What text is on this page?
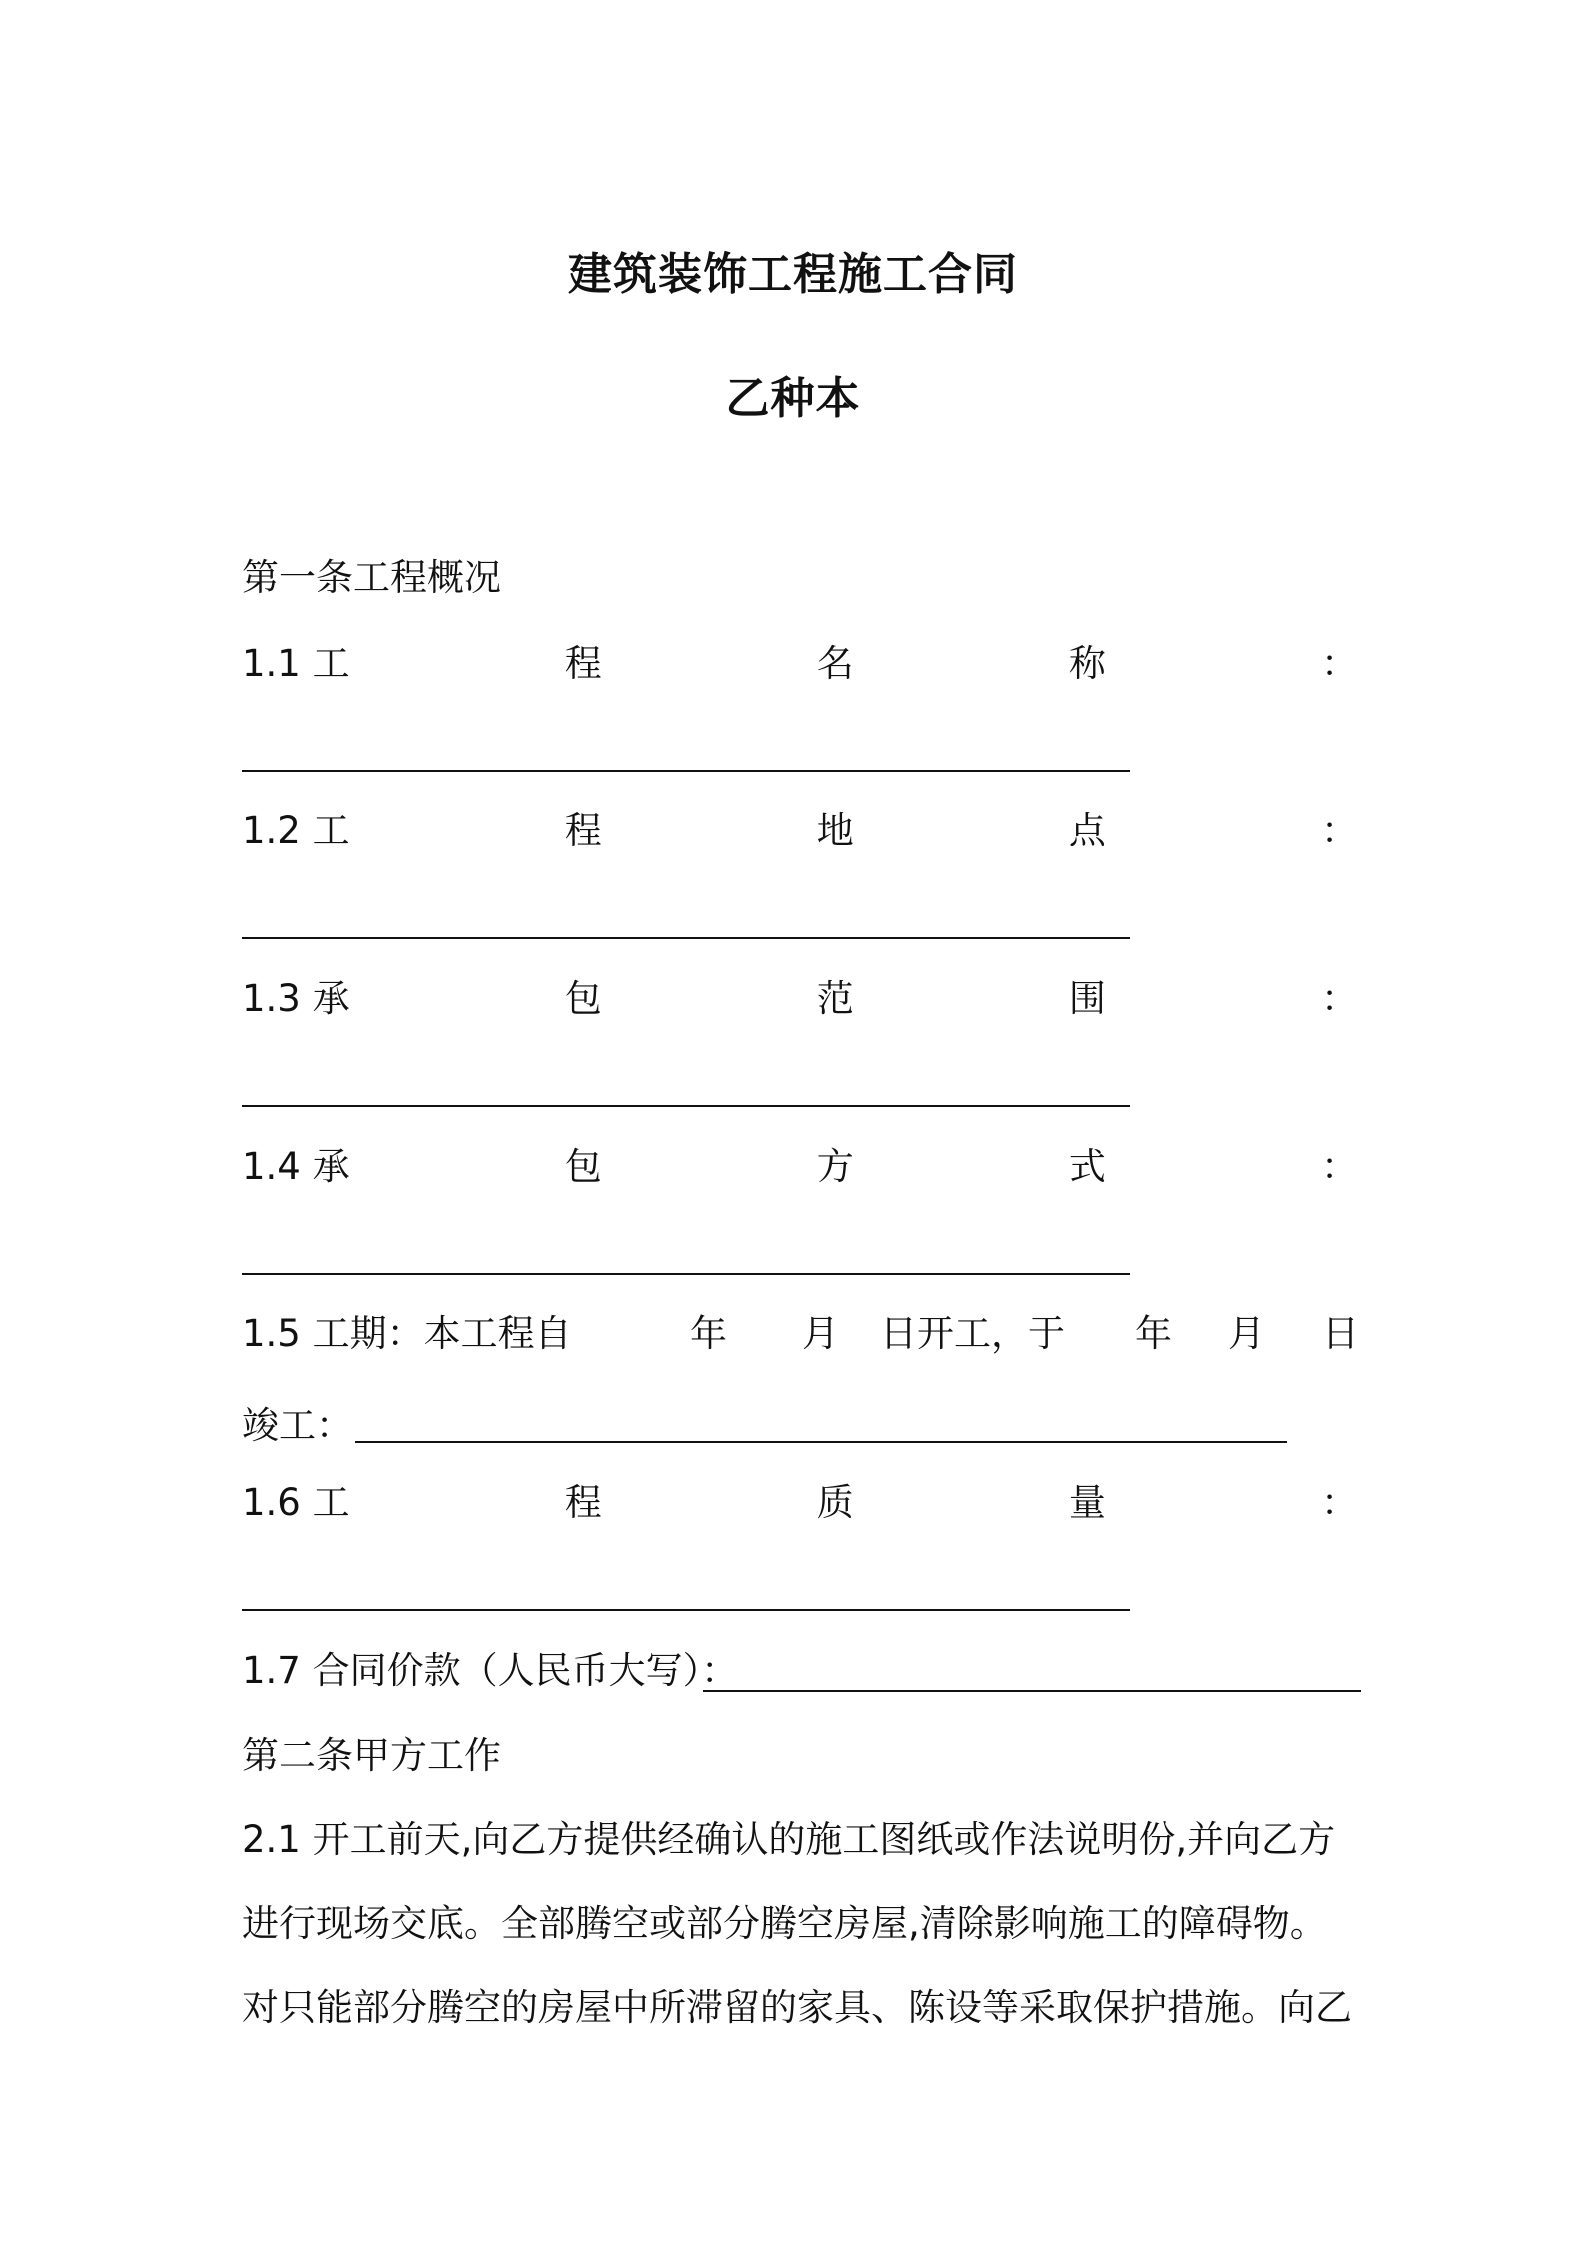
建筑装饰工程施工合同
乙种本
第一条工程概况
1.1 工	程	名	称	：
1.2 工	程	地	点	：
1.3 承	包	范	围	：
1.4 承	包	方	式	：
1.5 工期：本工程自	年 月 日开工，于 年 月 日
竣工：
1.6 工	程	质	量	：
1.7 合同价款（人民币大写）：
第二条甲方工作
2.1 开工前天,向乙方提供经确认的施工图纸或作法说明份,并向乙方
进行现场交底。全部腾空或部分腾空房屋,清除影响施工的障碍物。
对只能部分腾空的房屋中所滞留的家具、陈设等采取保护措施。向乙
